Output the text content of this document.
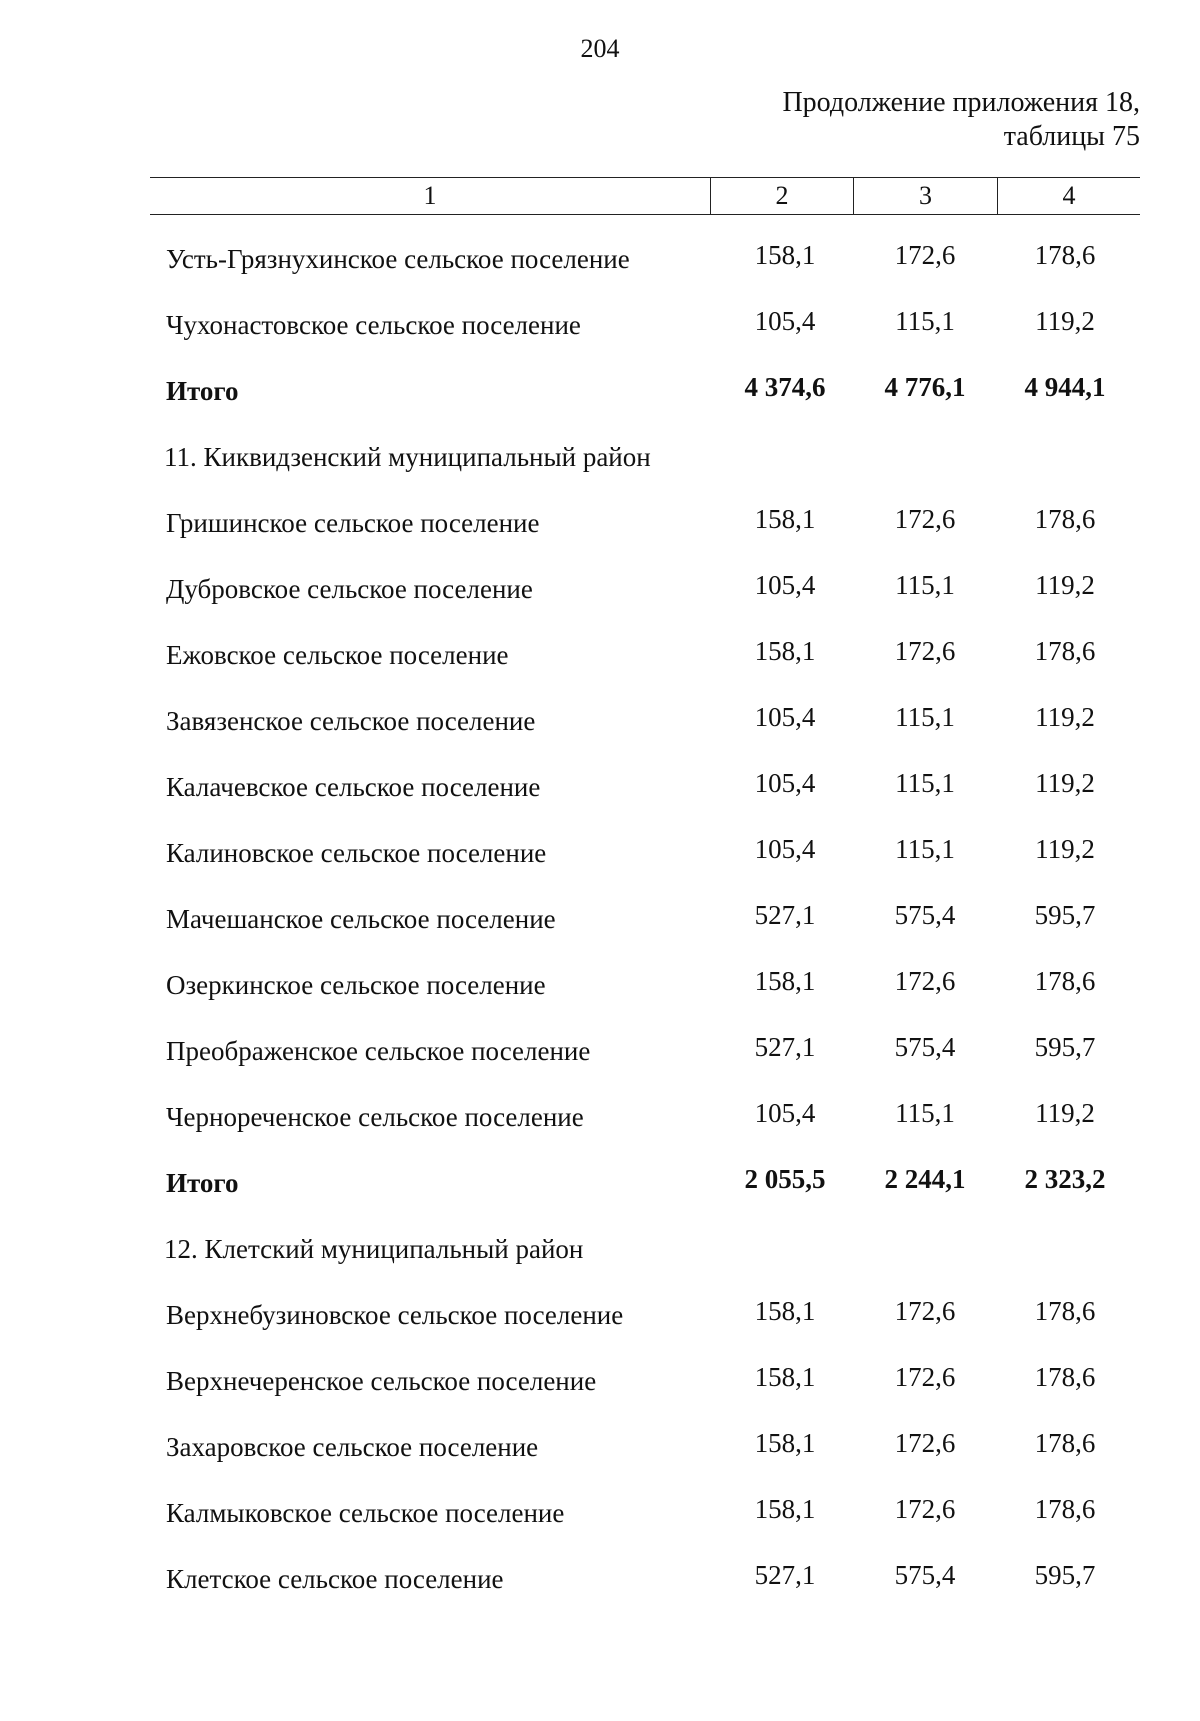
204
Продолжение приложения 18,
таблицы 75
1	2	3	4
Усть-Грязнухинское сельское поселение	158,1	172,6	178,6
Чухонастовское сельское поселение	105,4	115,1	119,2
Итого	4 374,6	4 776,1	4 944,1
11. Киквидзенский муниципальный район
Гришинское сельское поселение	158,1	172,6	178,6
Дубровское сельское поселение	105,4	115,1	119,2
Ежовское сельское поселение	158,1	172,6	178,6
Завязенское сельское поселение	105,4	115,1	119,2
Калачевское сельское поселение	105,4	115,1	119,2
Калиновское сельское поселение	105,4	115,1	119,2
Мачешанское сельское поселение	527,1	575,4	595,7
Озеркинское сельское поселение	158,1	172,6	178,6
Преображенское сельское поселение	527,1	575,4	595,7
Чернореченское сельское поселение	105,4	115,1	119,2
Итого	2 055,5	2 244,1	2 323,2
12. Клетский муниципальный район
Верхнебузиновское сельское поселение	158,1	172,6	178,6
Верхнечеренское сельское поселение	158,1	172,6	178,6
Захаровское сельское поселение	158,1	172,6	178,6
Калмыковское сельское поселение	158,1	172,6	178,6
Клетское сельское поселение	527,1	575,4	595,7
